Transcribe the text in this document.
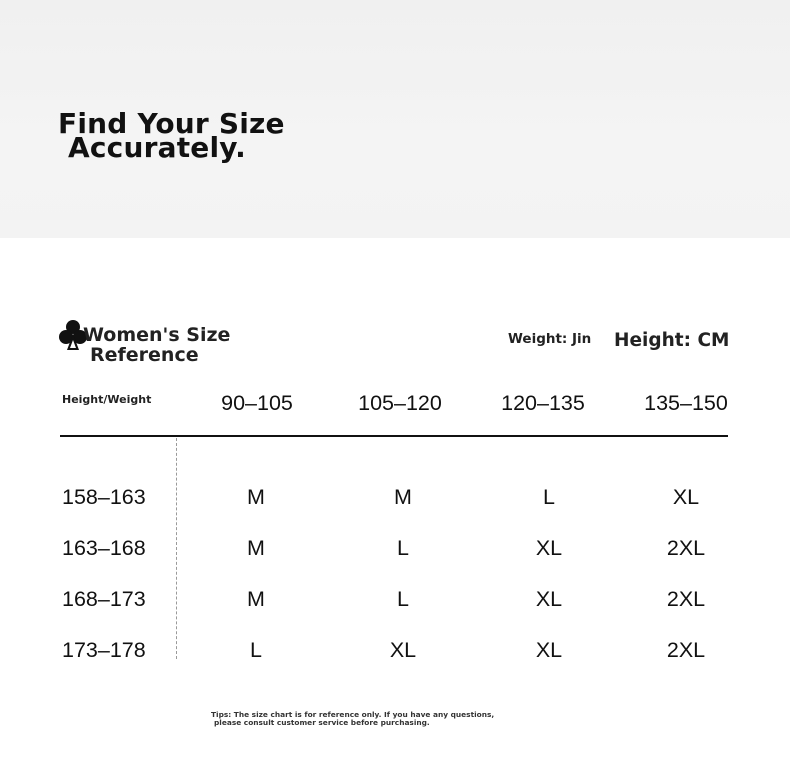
Find Your Size
Accurately.
Women's Size
Reference
Weight: Jin Height: CM
Height/Weight	90–105	105–120	120–135	135–150
158–163	M	M	L	XL
163–168	M	L	XL	2XL
168–173	M	L	XL	2XL
173–178	L	XL	XL	2XL
Tips: The size chart is for reference only. If you have any questions,
please consult customer service before purchasing.
